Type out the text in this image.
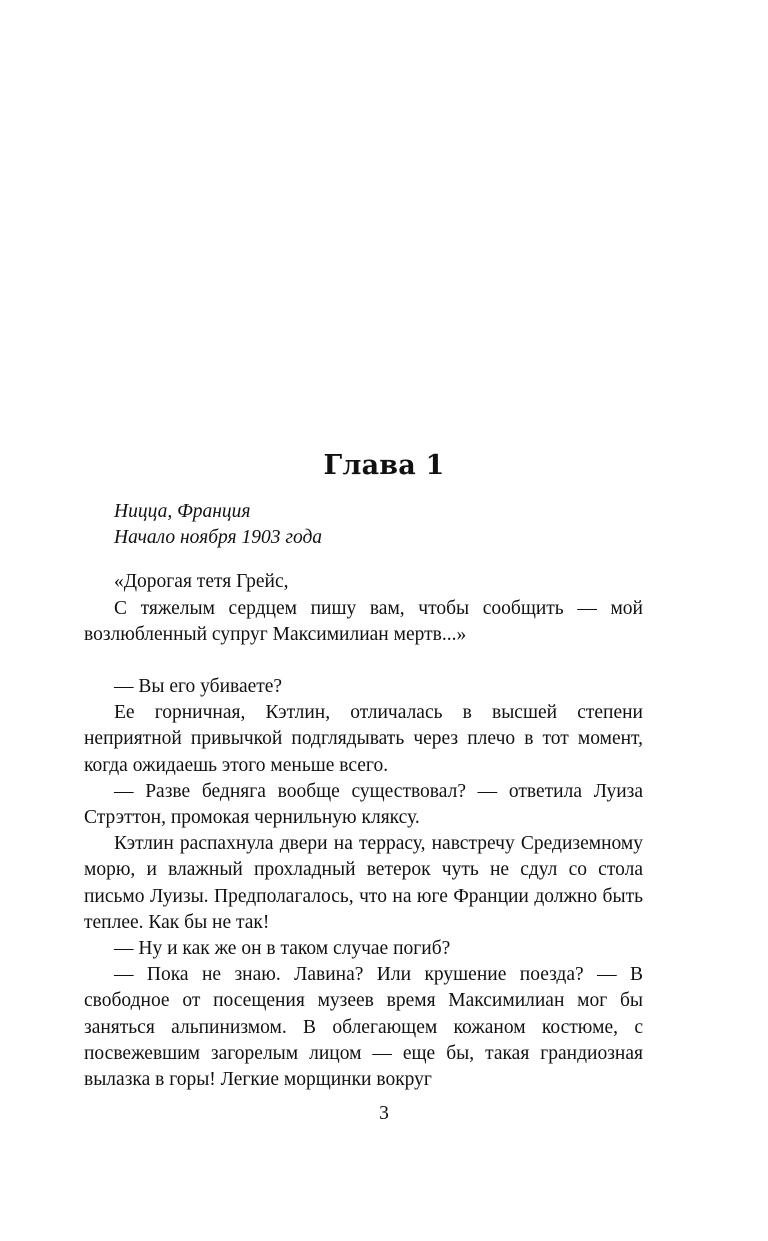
Глава 1
Ницца, Франция
Начало ноября 1903 года

«Дорогая тетя Грейс,

С тяжелым сердцем пишу вам, чтобы сообщить — мой возлюбленный супруг Максимилиан мертв...»

— Вы его убиваете?

Ее горничная, Кэтлин, отличалась в высшей степени неприятной привычкой подглядывать через плечо в тот момент, когда ожидаешь этого меньше всего.

— Разве бедняга вообще существовал? — ответила Луиза Стрэттон, промокая чернильную кляксу.

Кэтлин распахнула двери на террасу, навстречу Средиземному морю, и влажный прохладный ветерок чуть не сдул со стола письмо Луизы. Предполагалось, что на юге Франции должно быть теплее. Как бы не так!

— Ну и как же он в таком случае погиб?

— Пока не знаю. Лавина? Или крушение поезда? — В свободное от посещения музеев время Максимилиан мог бы заняться альпинизмом. В облегающем кожаном костюме, с посвежевшим загорелым лицом — еще бы, такая грандиозная вылазка в горы! Легкие морщинки вокруг

3
